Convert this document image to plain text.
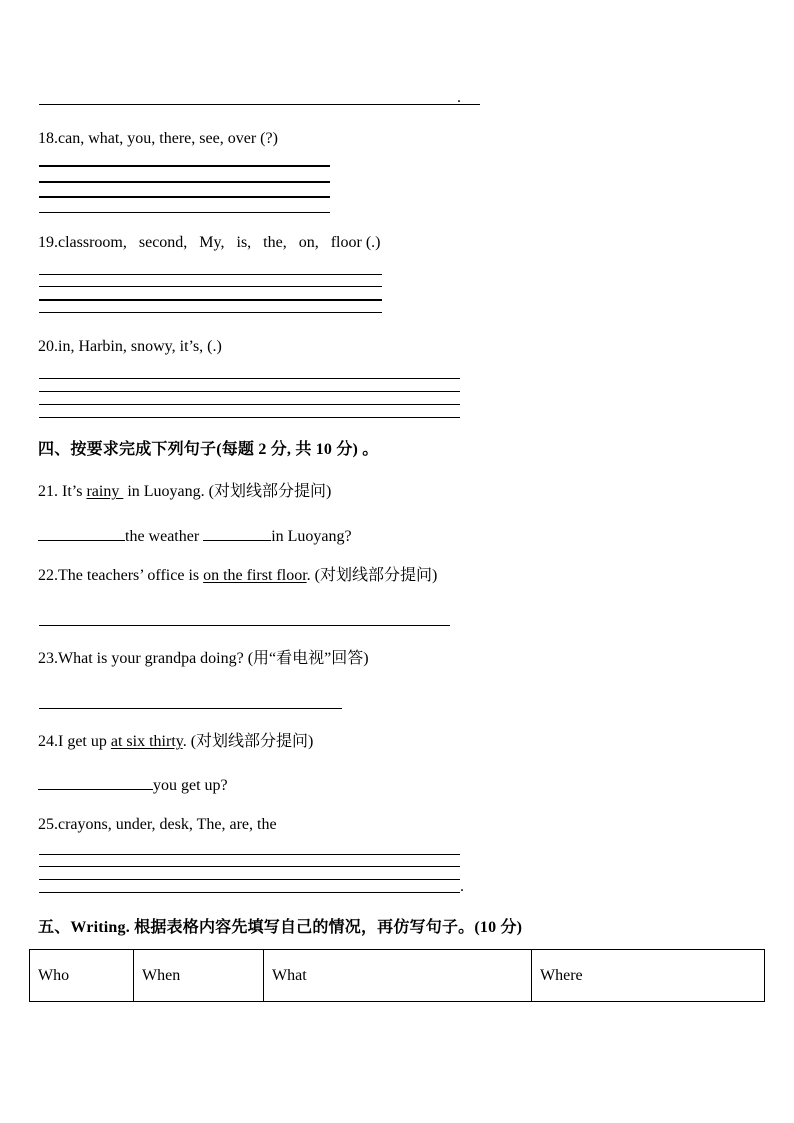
.
18.can, what, you, there, see, over (?)
19.classroom,   second,   My,   is,   the,   on,   floor (.)
20.in, Harbin, snowy, it’s, (.)
四、按要求完成下列句子(每题 2 分, 共 10 分) 。
21. It’s rainy  in Luoyang. (对划线部分提问)
the weather	in Luoyang?
22.The teachers’ office is on the first floor. (对划线部分提问)
23.What is your grandpa doing? (用“看电视”回答)
24.I get up at six thirty. (对划线部分提问)
you get up?
25.crayons, under, desk, The, are, the
.
五、Writing. 根据表格内容先填写自己的情况，再仿写句子。(10 分)
Who	When	What	Where
